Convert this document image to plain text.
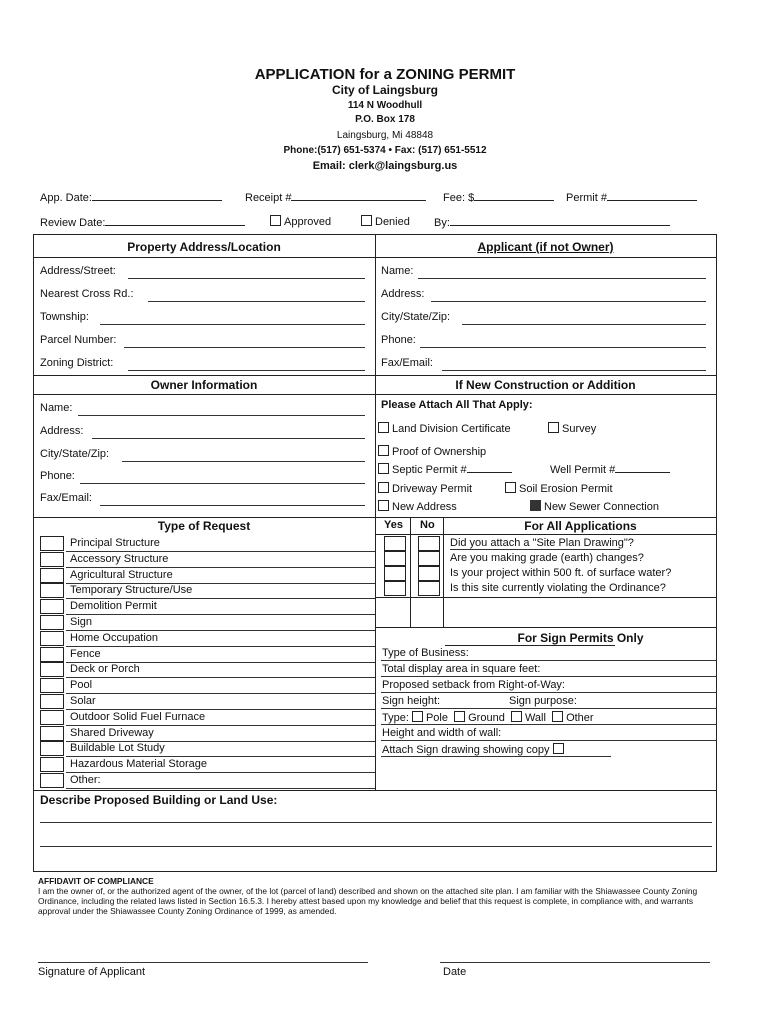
APPLICATION for a ZONING PERMIT
City of Laingsburg
114 N Woodhull
P.O. Box 178
Laingsburg, Mi 48848
Phone:(517) 651-5374 • Fax: (517) 651-5512
Email: clerk@laingsburg.us
App. Date:	Receipt #	Fee: $	Permit #
Review Date:	Approved	Denied By:
Property Address/Location	Applicant (if not Owner)
Address/Street:
Nearest Cross Rd.:
Township:
Parcel Number:
Zoning District:
Name:
Address:
City/State/Zip:
Phone:
Fax/Email:
Owner Information	If New Construction or Addition
Name:
Address:
City/State/Zip:
Phone:
Fax/Email:
Please Attach All That Apply:
Land Division Certificate	Survey
Proof of Ownership
Septic Permit #	Well Permit #
Driveway Permit	Soil Erosion Permit
New Address	New Sewer Connection
Type of Request
Principal Structure
Accessory Structure
Agricultural Structure
Temporary Structure/Use
Demolition Permit
Sign
Home Occupation
Fence
Deck or Porch
Pool
Solar
Outdoor Solid Fuel Furnace
Shared Driveway
Buildable Lot Study
Hazardous Material Storage
Other:
Yes No	For All Applications
Did you attach a "Site Plan Drawing"?
Are you making grade (earth) changes?
Is your project within 500 ft. of surface water?
Is this site currently violating the Ordinance?
For Sign Permits Only
Type of Business:
Total display area in square feet:
Proposed setback from Right-of-Way:
Sign height:	Sign purpose:
Type: Pole Ground Wall Other
Height and width of wall:
Attach Sign drawing showing copy
Describe Proposed Building or Land Use:
AFFIDAVIT OF COMPLIANCE
I am the owner of, or the authorized agent of the owner, of the lot (parcel of land) described and shown on the attached site plan. I am familiar with the Shiawassee County Zoning Ordinance, including the related laws listed in Section 16.5.3. I hereby attest based upon my knowledge and belief that this request is complete, in compliance with, and warrants approval under the Shiawassee County Zoning Ordinance of 1999, as amended.
Signature of Applicant	Date
